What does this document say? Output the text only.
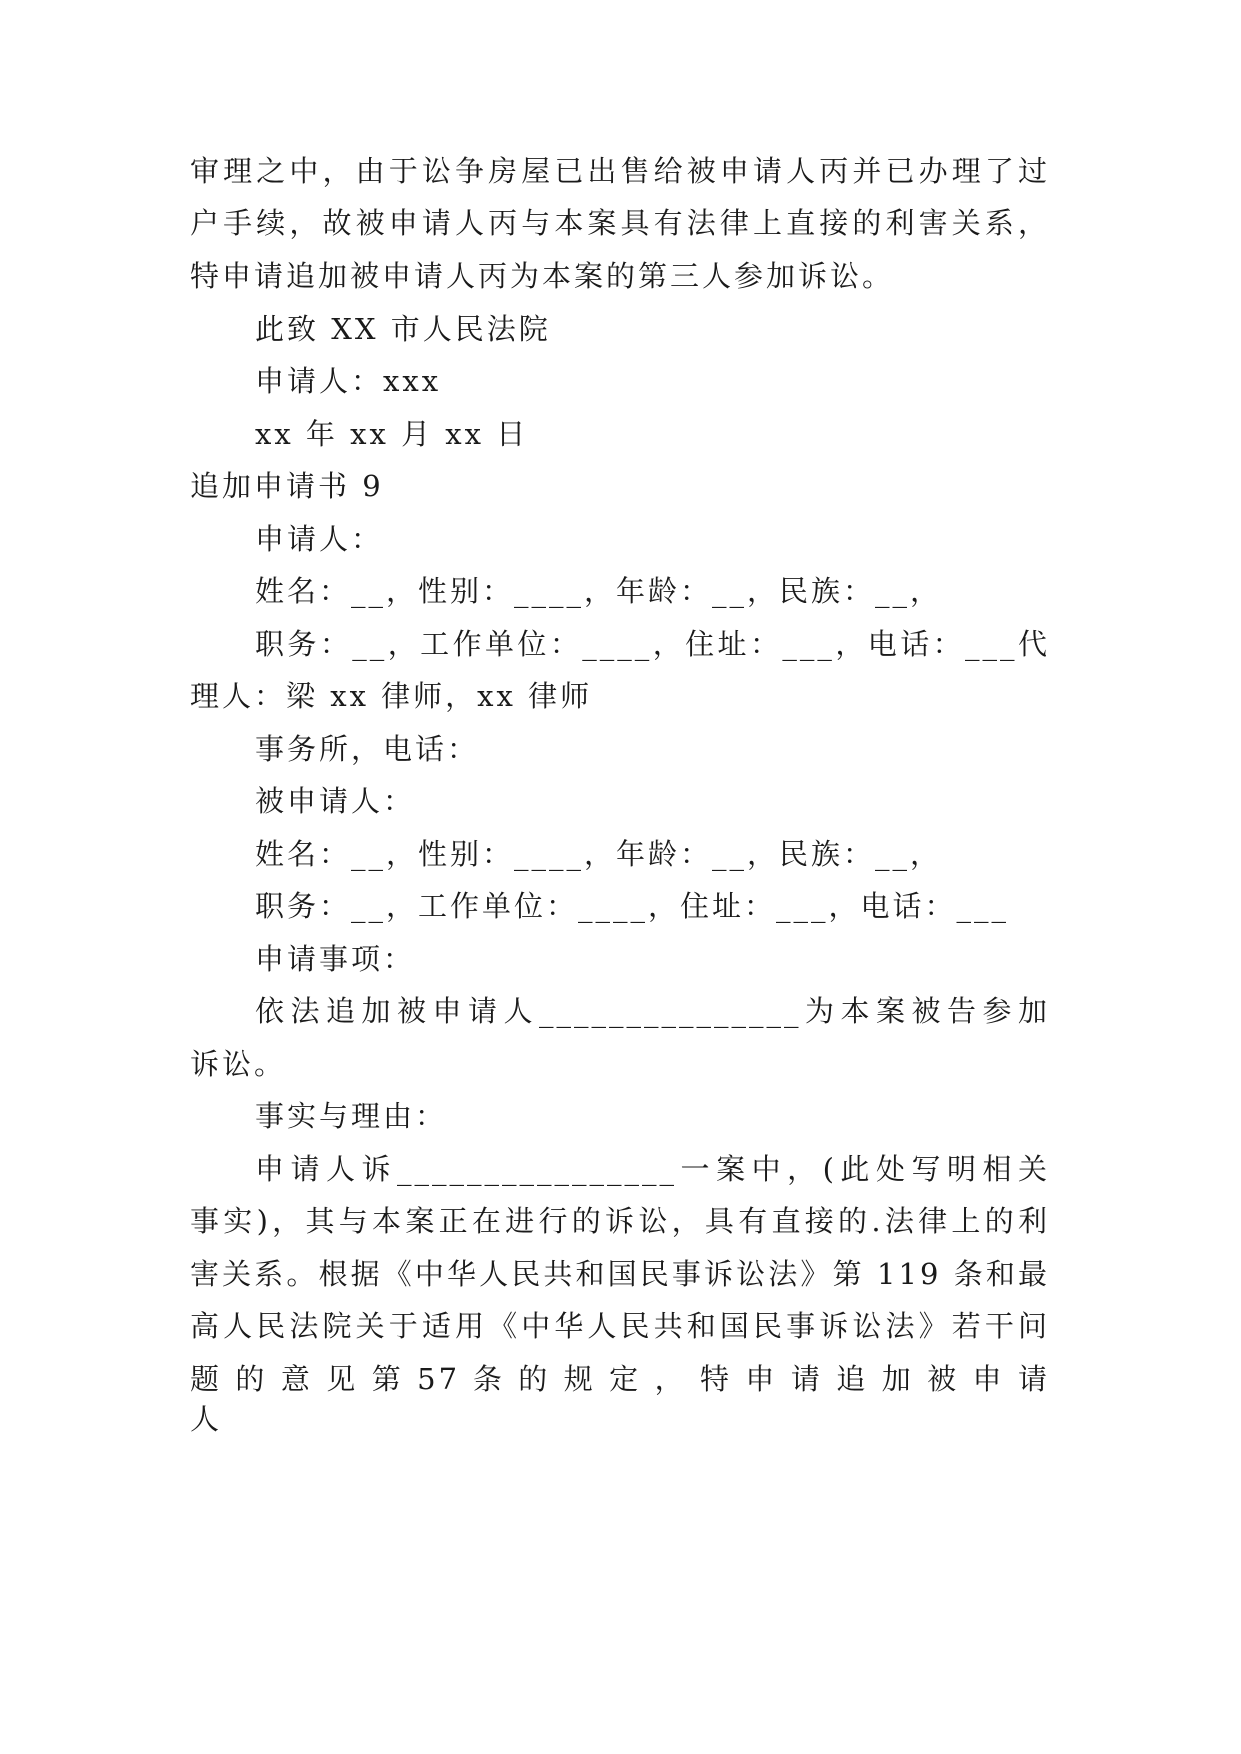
审理之中，由于讼争房屋已出售给被申请人丙并已办理了过

户手续，故被申请人丙与本案具有法律上直接的利害关系，

特申请追加被申请人丙为本案的第三人参加诉讼。

此致 XX 市人民法院

申请人：xxx

xx 年 xx 月 xx 日

追加申请书 9

申请人：

姓名：__，性别：____，年龄：__，民族：__，

职务：__，工作单位：____，住址：___，电话：___代

理人：梁 xx 律师，xx 律师

事务所，电话：

被申请人：

姓名：__，性别：____，年龄：__，民族：__，

职务：__，工作单位：____，住址：___，电话：___

申请事项：

依法追加被申请人_______________为本案被告参加

诉讼。

事实与理由：

申请人诉________________一案中，(此处写明相关

事实)，其与本案正在进行的诉讼，具有直接的.法律上的利

害关系。根据《中华人民共和国民事诉讼法》第 119 条和最

高人民法院关于适用《中华人民共和国民事诉讼法》若干问

题 的 意 见 第 57 条 的 规 定 ， 特 申 请 追 加 被 申 请 人
